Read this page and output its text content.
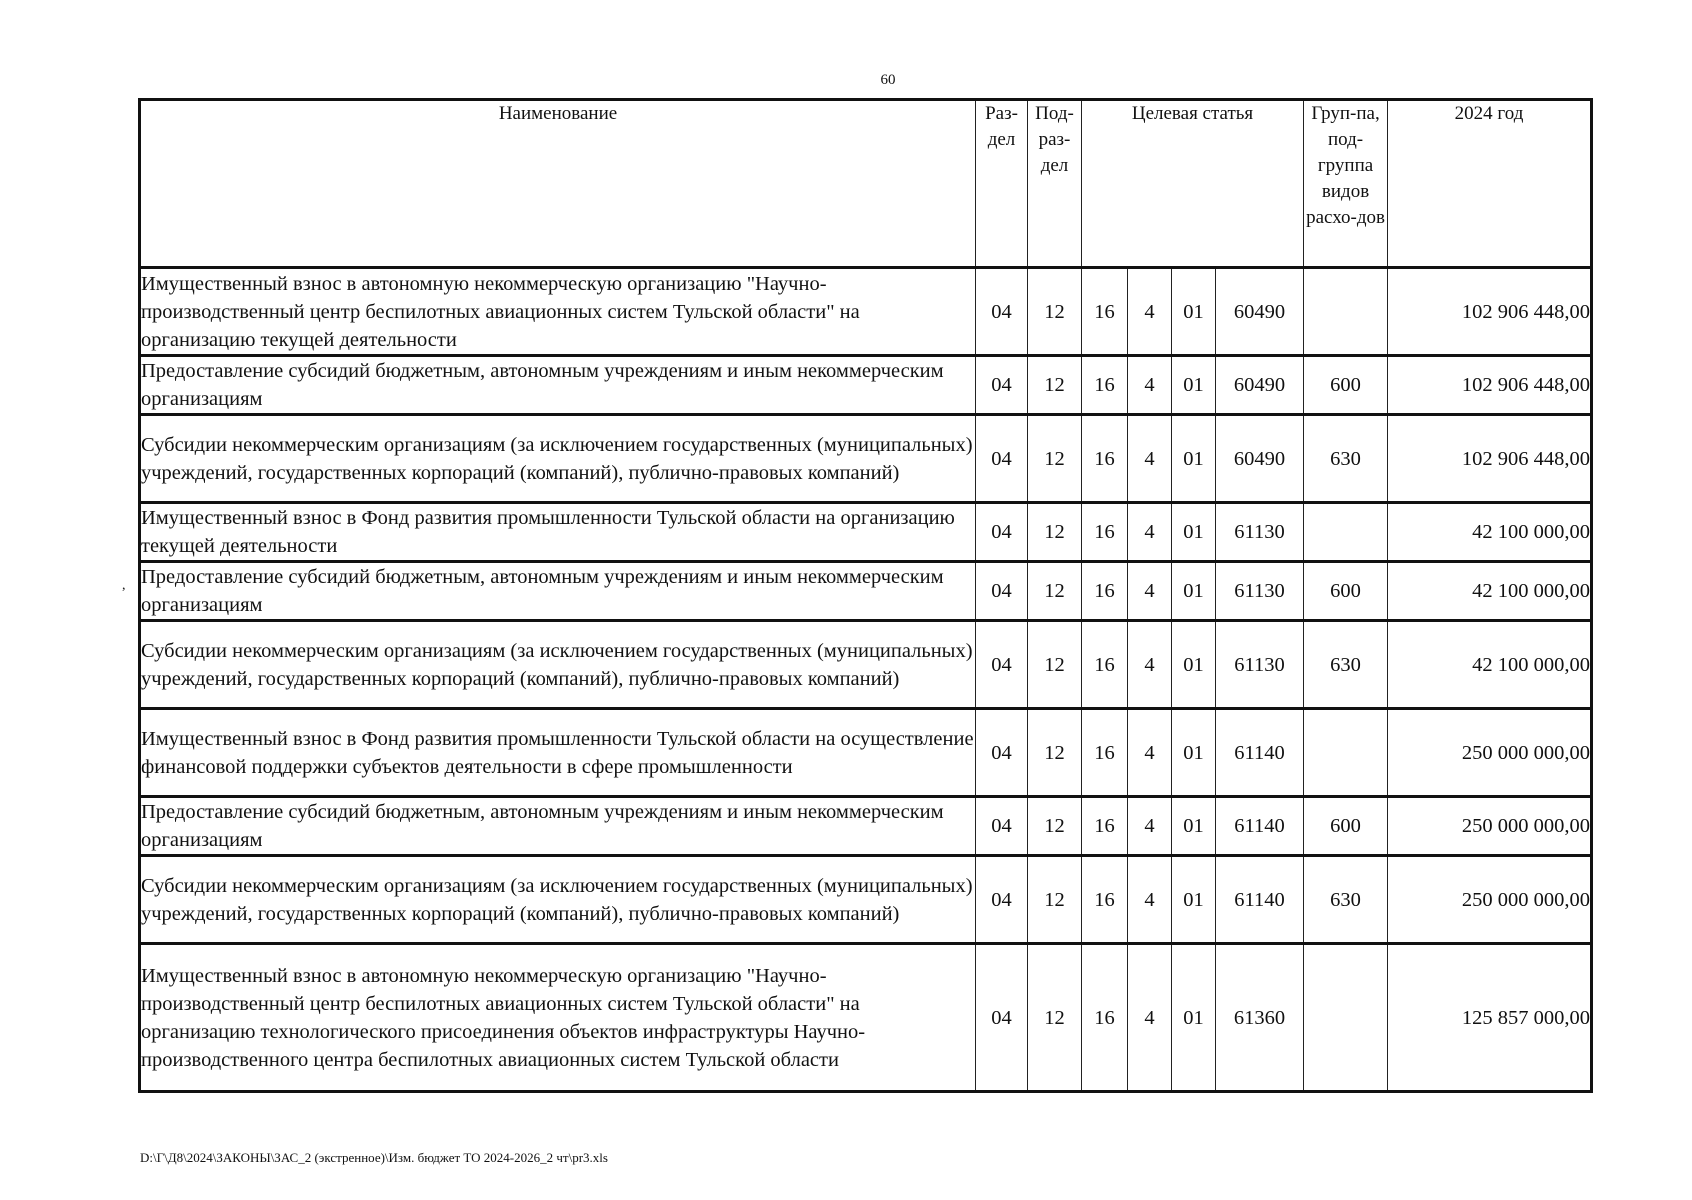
60
,
Наименование	Раз-дел	Под-раз-дел	Целевая статья				Груп-па, под-группа видов расхо-дов	2024 год
Имущественный взнос в автономную некоммерческую организацию "Научно-производственный центр беспилотных авиационных систем Тульской области" на организацию текущей деятельности	04	12	16	4	01	60490		102 906 448,00
Предоставление субсидий бюджетным, автономным учреждениям и иным некоммерческим организациям	04	12	16	4	01	60490	600	102 906 448,00
Субсидии некоммерческим организациям (за исключением государственных (муниципальных) учреждений, государственных корпораций (компаний), публично-правовых компаний)	04	12	16	4	01	60490	630	102 906 448,00
Имущественный взнос в Фонд развития промышленности Тульской области на организацию текущей деятельности	04	12	16	4	01	61130		42 100 000,00
Предоставление субсидий бюджетным, автономным учреждениям и иным некоммерческим организациям	04	12	16	4	01	61130	600	42 100 000,00
Субсидии некоммерческим организациям (за исключением государственных (муниципальных) учреждений, государственных корпораций (компаний), публично-правовых компаний)	04	12	16	4	01	61130	630	42 100 000,00
Имущественный взнос в Фонд развития промышленности Тульской области на осуществление финансовой поддержки субъектов деятельности в сфере промышленности	04	12	16	4	01	61140		250 000 000,00
Предоставление субсидий бюджетным, автономным учреждениям и иным некоммерческим организациям	04	12	16	4	01	61140	600	250 000 000,00
Субсидии некоммерческим организациям (за исключением государственных (муниципальных) учреждений, государственных корпораций (компаний), публично-правовых компаний)	04	12	16	4	01	61140	630	250 000 000,00
Имущественный взнос в автономную некоммерческую организацию "Научно-производственный центр беспилотных авиационных систем Тульской области" на организацию технологического присоединения объектов инфраструктуры Научно-производственного центра беспилотных авиационных систем Тульской области	04	12	16	4	01	61360		125 857 000,00
D:\Г\Д8\2024\ЗАКОНЫ\ЗАС_2 (экстренное)\Изм. бюджет ТО 2024-2026_2 чт\pr3.xls
